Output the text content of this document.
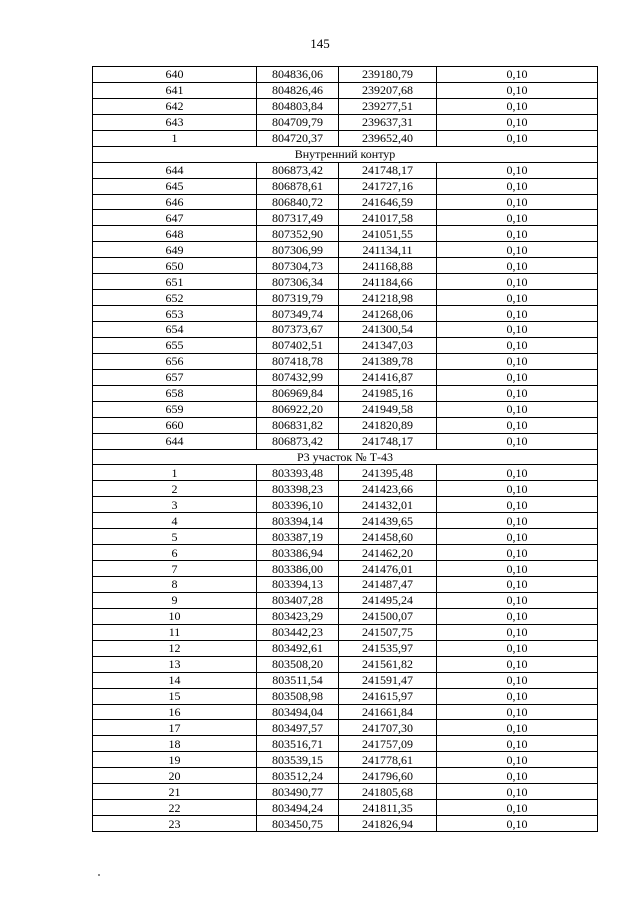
145
640	804836,06	239180,79	0,10
641	804826,46	239207,68	0,10
642	804803,84	239277,51	0,10
643	804709,79	239637,31	0,10
1	804720,37	239652,40	0,10
Внутренний контур			
644	806873,42	241748,17	0,10
645	806878,61	241727,16	0,10
646	806840,72	241646,59	0,10
647	807317,49	241017,58	0,10
648	807352,90	241051,55	0,10
649	807306,99	241134,11	0,10
650	807304,73	241168,88	0,10
651	807306,34	241184,66	0,10
652	807319,79	241218,98	0,10
653	807349,74	241268,06	0,10
654	807373,67	241300,54	0,10
655	807402,51	241347,03	0,10
656	807418,78	241389,78	0,10
657	807432,99	241416,87	0,10
658	806969,84	241985,16	0,10
659	806922,20	241949,58	0,10
660	806831,82	241820,89	0,10
644	806873,42	241748,17	0,10
Р3 участок № Т-43			
1	803393,48	241395,48	0,10
2	803398,23	241423,66	0,10
3	803396,10	241432,01	0,10
4	803394,14	241439,65	0,10
5	803387,19	241458,60	0,10
6	803386,94	241462,20	0,10
7	803386,00	241476,01	0,10
8	803394,13	241487,47	0,10
9	803407,28	241495,24	0,10
10	803423,29	241500,07	0,10
11	803442,23	241507,75	0,10
12	803492,61	241535,97	0,10
13	803508,20	241561,82	0,10
14	803511,54	241591,47	0,10
15	803508,98	241615,97	0,10
16	803494,04	241661,84	0,10
17	803497,57	241707,30	0,10
18	803516,71	241757,09	0,10
19	803539,15	241778,61	0,10
20	803512,24	241796,60	0,10
21	803490,77	241805,68	0,10
22	803494,24	241811,35	0,10
23	803450,75	241826,94	0,10
